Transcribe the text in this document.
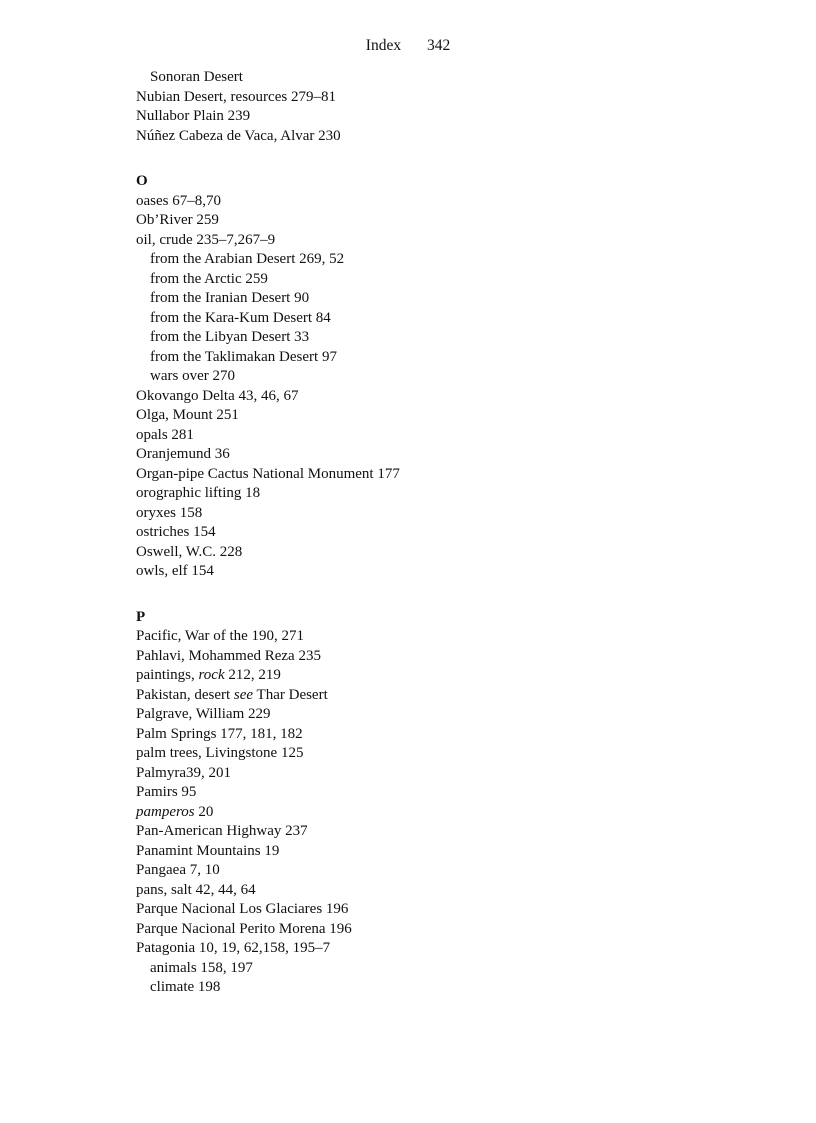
Index 342
Sonoran Desert
Nubian Desert, resources 279–81
Nullabor Plain 239
Núñez Cabeza de Vaca, Alvar 230
O
oases 67–8,70
Ob’River 259
oil, crude 235–7,267–9
from the Arabian Desert 269, 52
from the Arctic 259
from the Iranian Desert 90
from the Kara-Kum Desert 84
from the Libyan Desert 33
from the Taklimakan Desert 97
wars over 270
Okovango Delta 43, 46, 67
Olga, Mount 251
opals 281
Oranjemund 36
Organ-pipe Cactus National Monument 177
orographic lifting 18
oryxes 158
ostriches 154
Oswell, W.C. 228
owls, elf 154
P
Pacific, War of the 190, 271
Pahlavi, Mohammed Reza 235
paintings, rock 212, 219
Pakistan, desert see Thar Desert
Palgrave, William 229
Palm Springs 177, 181, 182
palm trees, Livingstone 125
Palmyra39, 201
Pamirs 95
pamperos 20
Pan-American Highway 237
Panamint Mountains 19
Pangaea 7, 10
pans, salt 42, 44, 64
Parque Nacional Los Glaciares 196
Parque Nacional Perito Morena 196
Patagonia 10, 19, 62,158, 195–7
animals 158, 197
climate 198
